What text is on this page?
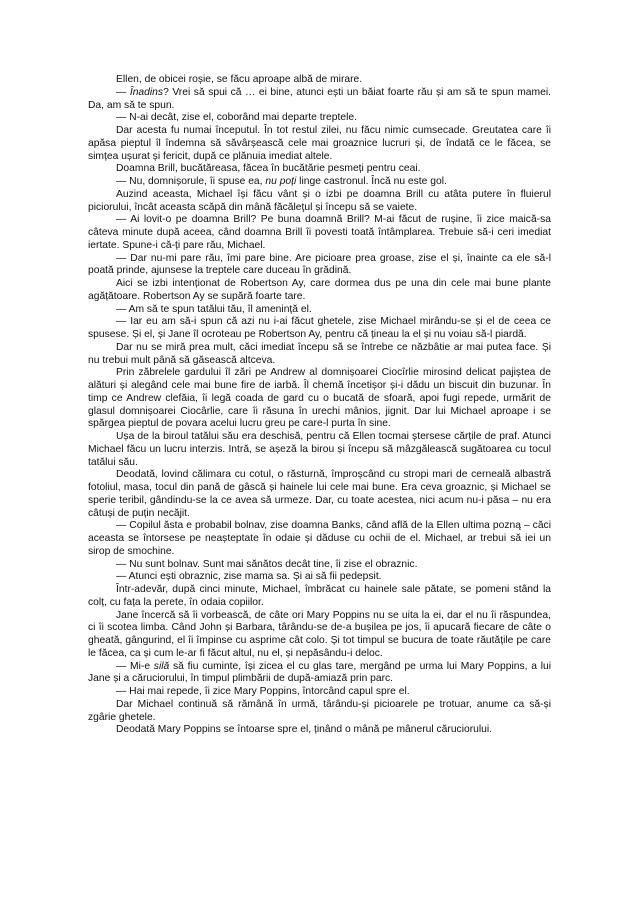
Ellen, de obicei roșie, se făcu aproape albă de mirare.

— Înadins? Vrei să spui că … ei bine, atunci ești un băiat foarte rău și am să te spun mamei. Da, am să te spun.

— N-ai decât, zise el, coborând mai departe treptele.

Dar acesta fu numai începutul. În tot restul zilei, nu făcu nimic cumsecade. Greutatea care îi apăsa pieptul îl îndemna să săvârșească cele mai groaznice lucruri și, de îndată ce le făcea, se simțea ușurat și fericit, după ce plănuia imediat altele.

Doamna Brill, bucătăreasa, făcea în bucătărie pesmeți pentru ceai.

— Nu, domnișorule, îi spuse ea, nu poți linge castronul. Încă nu este gol.

Auzind aceasta, Michael își făcu vânt și o izbi pe doamna Brill cu atâta putere în fluierul piciorului, încât aceasta scăpă din mână făcăleţul și începu să se vaiete.

— Ai lovit-o pe doamna Brill? Pe buna doamnă Brill? M-ai făcut de rușine, îi zice maică-sa câteva minute după aceea, când doamna Brill îi povesti toată întâmplarea. Trebuie să-i ceri imediat iertate. Spune-i că-ți pare rău, Michael.

— Dar nu-mi pare rău, îmi pare bine. Are picioare prea groase, zise el și, înainte ca ele să-l poată prinde, ajunsese la treptele care duceau în grădină.

Aici se izbi intenționat de Robertson Ay, care dormea dus pe una din cele mai bune plante agățătoare. Robertson Ay se supără foarte tare.

— Am să te spun tatălui tău, îl amenință el.

— Iar eu am să-i spun că azi nu i-ai făcut ghetele, zise Michael mirându-se și el de ceea ce spusese. Și el, și Jane îl ocroteau pe Robertson Ay, pentru că țineau la el și nu voiau să-l piardă.

Dar nu se miră prea mult, căci imediat începu să se întrebe ce năzbâtie ar mai putea face. Și nu trebui mult până să găsească altceva.

Prin zăbrelele gardului îl zări pe Andrew al domnișoarei Ciocîrlie mirosind delicat pajiștea de alături și alegând cele mai bune fire de iarbă. Îl chemă încetișor și-i dădu un biscuit din buzunar. În timp ce Andrew clefăia, îi legă coada de gard cu o bucată de sfoară, apoi fugi repede, urmărit de glasul domnișoarei Ciocârlie, care îi răsuna în urechi mânios, jignit. Dar lui Michael aproape i se spărgea pieptul de povara acelui lucru greu pe care-l purta în sine.

Ușa de la biroul tatălui său era deschisă, pentru că Ellen tocmai ștersese cărțile de praf. Atunci Michael făcu un lucru interzis. Intră, se așeză la birou și începu să mâzgălească sugătoarea cu tocul tatălui său.

Deodată, lovind călimara cu cotul, o răsturnă, împroșcând cu stropi mari de cerneală albastră fotoliul, masa, tocul din pană de gâscă și hainele lui cele mai bune. Era ceva groaznic, și Michael se sperie teribil, gândindu-se la ce avea să urmeze. Dar, cu toate acestea, nici acum nu-i păsa – nu era câtuși de puțin necăjit.

— Copilul ăsta e probabil bolnav, zise doamna Banks, când află de la Ellen ultima pozną – căci aceasta se întorsese pe neașteptate în odaie și dăduse cu ochii de el. Michael, ar trebui să iei un sirop de smochine.

— Nu sunt bolnav. Sunt mai sănătos decât tine, îi zise el obraznic.

— Atunci ești obraznic, zise mama sa. Și ai să fii pedepsit.

Într-adevăr, după cinci minute, Michael, îmbrăcat cu hainele sale pătate, se pomeni stând la colț, cu fața la perete, în odaia copiilor.

Jane încercă să îi vorbească, de câte ori Mary Poppins nu se uita la ei, dar el nu îi răspundea, ci îi scotea limba. Când John și Barbara, târându-se de-a bușilea pe jos, îi apucară fiecare de câte o gheată, gângurind, el îi împinse cu asprime cât colo. Și tot timpul se bucura de toate răutățile pe care le făcea, ca și cum le-ar fi făcut altul, nu el, și nepăsându-i deloc.

— Mi-e silă să fiu cuminte, își zicea el cu glas tare, mergând pe urma lui Mary Poppins, a lui Jane și a căruciorului, în timpul plimbării de după-amiază prin parc.

— Hai mai repede, îi zice Mary Poppins, întorcând capul spre el.

Dar Michael continuă să rămână în urmă, târându-și picioarele pe trotuar, anume ca să-și zgârie ghetele.

Deodată Mary Poppins se întoarse spre el, ținând o mână pe mânerul căruciorului.
